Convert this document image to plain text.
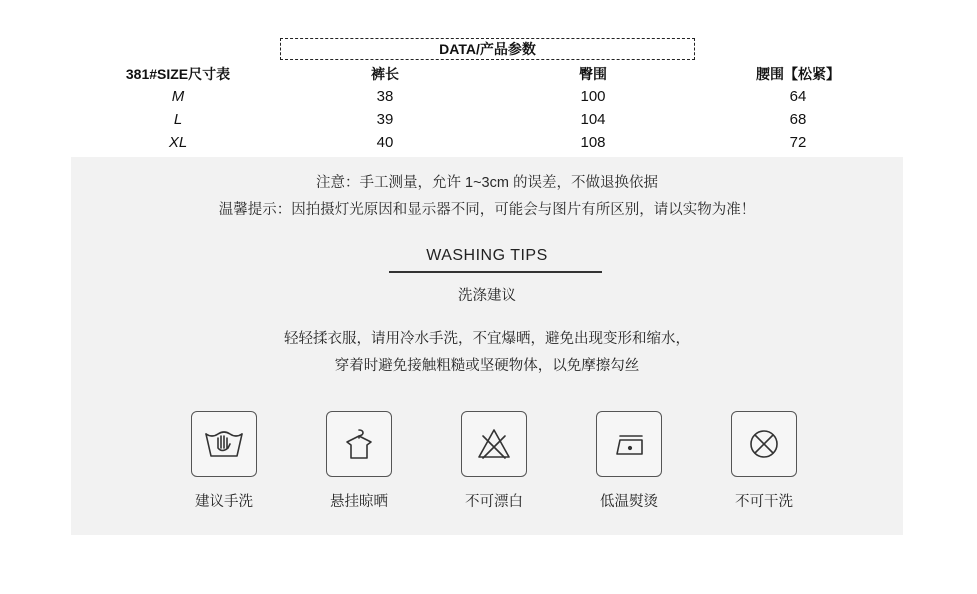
DATA/产品参数
381#SIZE尺寸表	裤长	臀围	腰围【松紧】
M	38	100	64
L	39	104	68
XL	40	108	72
注意：手工测量，允许 1~3cm 的误差，不做退换依据
温馨提示：因拍摄灯光原因和显示器不同，可能会与图片有所区别，请以实物为准！
WASHING TIPS
洗涤建议
轻轻揉衣服，请用冷水手洗，不宜爆晒，避免出现变形和缩水，
穿着时避免接触粗糙或坚硬物体，以免摩擦勾丝
建议手洗	悬挂晾晒	不可漂白	低温熨烫	不可干洗
